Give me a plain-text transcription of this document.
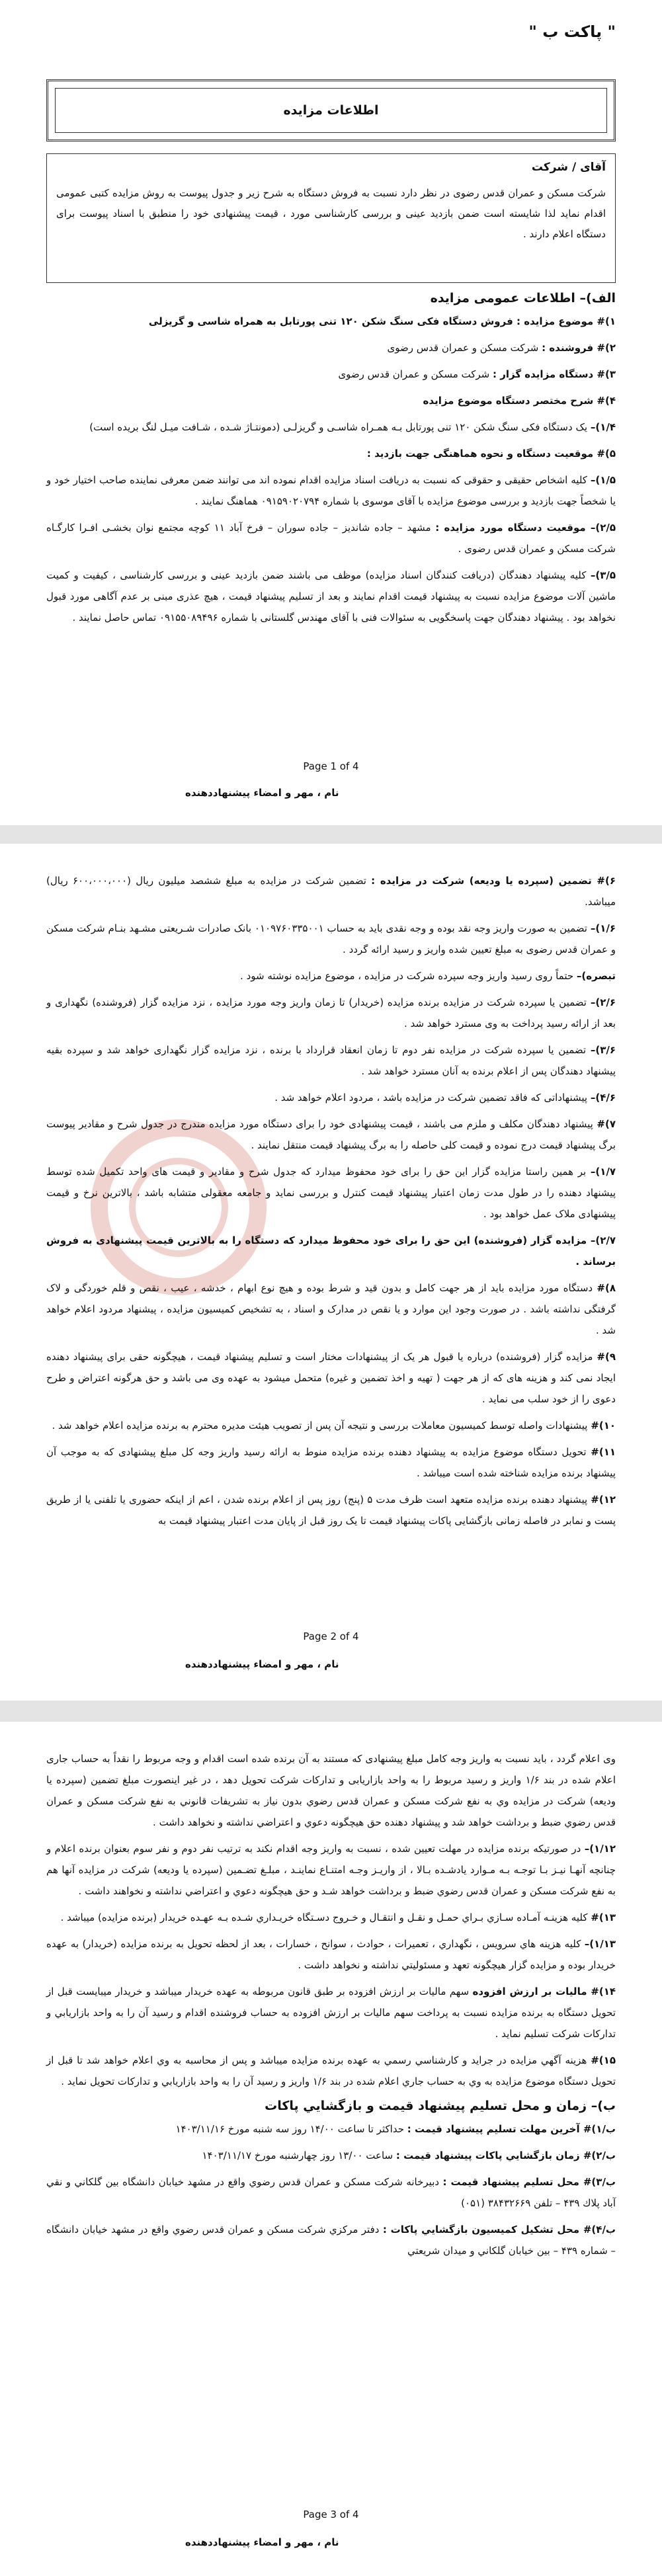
" پاکت ب "
اطلاعات مزایده
آقای / شرکت
شرکت مسکن و عمران قدس رضوی در نظر دارد نسبت به فروش دستگاه به شرح زیر و جدول پیوست به روش مزایده کتبی عمومی اقدام نماید لذا شایسته است ضمن بازدید عینی و بررسی کارشناسی مورد ، قیمت پیشنهادی خود را منطبق با اسناد پیوست برای دستگاه اعلام دارند .
الف)– اطلاعات عمومی مزایده
۱)‌# موضوع مزایده : فروش دستگاه فکی سنگ شکن ۱۲۰ تنی پورتابل به همراه شاسی و گریزلی
۲)# فروشنده : شرکت مسکن و عمران قدس رضوی
۳)# دستگاه مزایده گزار : شرکت مسکن و عمران قدس رضوی
۴)# شرح مختصر دستگاه موضوع مزایده
۱/۴)– یک دستگاه فکی سنگ شکن ۱۲۰ تنی پورتابل بـه همـراه شاسـی و گریزلـی (دمونتـاژ شـده ، شـافت میـل لنگ بریده است)
۵)# موقعیت دستگاه و نحوه هماهنگی جهت بازدید :
۱/۵)– کلیه اشخاص حقیقی و حقوقی که نسبت به دریافت اسناد مزایده اقدام نموده اند می توانند ضمن معرفی نماینده صاحب اختیار خود و یا شخصاً جهت بازدید و بررسی موضوع مزایده با آقای موسوی با شماره ۰۹۱۵۹۰۲۰۷۹۴ هماهنگ نمایند .
۲/۵)– موقعیت دستگاه مورد مزایده : مشهد – جاده شاندیز – جاده سوران – فرخ آباد ۱۱ کوچه مجتمع نوان بخشـی افـرا کارگـاه شرکت مسکن و عمران قدس رضوی .
۳/۵)– کلیه پیشنهاد دهندگان (دریافت کنندگان اسناد مزایده) موظف می باشند ضمن بازدید عینی و بررسی کارشناسی ، کیفیت و کمیت ماشین آلات موضوع مزایده نسبت به پیشنهاد قیمت اقدام نمایند و بعد از تسلیم پیشنهاد قیمت ، هیچ عذری مبنی بر عدم آگاهی مورد قبول نخواهد بود . پیشنهاد دهندگان جهت پاسخگویی به سئوالات فنی با آقای مهندس گلستانی با شماره ۰۹۱۵۵۰۸۹۴۹۶ تماس حاصل نمایند .
Page 1 of 4
نام ، مهر و امضاء پیشنهاددهنده
۶)# تضمین (سپرده یا ودیعه) شرکت در مزایده : تضمین شرکت در مزایده به مبلغ ششصد میلیون ریال (۶۰۰،۰۰۰،۰۰۰ ریال) میباشد.
۱/۶)– تضمین به صورت واریز وجه نقد بوده و وجه نقدی باید به حساب ۰۱۰۹۷۶۰۳۳۵۰۰۱ بانک صادرات شـریعتی مشـهد بنـام شرکت مسکن و عمران قدس رضوی به مبلغ تعیین شده واریز و رسید ارائه گردد .
تبصره)– حتماً روی رسید واریز وجه سپرده شرکت در مزایده ، موضوع مزایده نوشته شود .
۲/۶)– تضمین یا سپرده شرکت در مزایده برنده مزایده (خریدار) تا زمان واریز وجه مورد مزایده ، نزد مزایده گزار (فروشنده) نگهداری و بعد از ارائه رسید پرداخت به وی مسترد خواهد شد .
۳/۶)– تضمین یا سپرده شرکت در مزایده نفر دوم تا زمان انعقاد قرارداد با برنده ، نزد مزایده گزار نگهداری خواهد شد و سپرده بقیه پیشنهاد دهندگان پس از اعلام برنده به آنان مسترد خواهد شد .
۴/۶)– پیشنهاداتی که فاقد تضمین شرکت در مزایده باشد ، مردود اعلام خواهد شد .
۷)# پیشنهاد دهندگان مکلف و ملزم می باشند ، قیمت پیشنهادی خود را برای دستگاه مورد مزایده مندرج در جدول شرح و مقادیر پیوست برگ پیشنهاد قیمت درج نموده و قیمت کلی حاصله را به برگ پیشنهاد قیمت منتقل نمایند .
۱/۷)– بر همین راستا مزایده گزار این حق را برای خود محفوظ میدارد که جدول شرح و مقادیر و قیمت های واحد تکمیل شده توسط پیشنهاد دهنده را در طول مدت زمان اعتبار پیشنهاد قیمت کنترل و بررسی نماید و جامعه معقولی متشابه باشد ، بالاترین نرخ و قیمت پیشنهادی ملاک عمل خواهد بود .
۲/۷)– مزایده گزار (فروشنده) این حق را برای خود محفوظ میدارد که دستگاه را به بالاترین قیمت پیشنهادی به فروش برساند .
۸)# دستگاه مورد مزایده باید از هر جهت کامل و بدون قید و شرط بوده و هیچ نوع ابهام ، خدشه ، عیب ، نقص و قلم خوردگی و لاک گرفتگی نداشته باشد . در صورت وجود این موارد و یا نقص در مدارک و اسناد ، به تشخیص کمیسیون مزایده ، پیشنهاد مردود اعلام خواهد شد .
۹)# مزایده گزار (فروشنده) درباره یا قبول هر یک از پیشنهادات مختار است و تسلیم پیشنهاد قیمت ، هیچگونه حقی برای پیشنهاد دهنده ایجاد نمی کند و هزینه های که از هر جهت ( تهیه و اخذ تضمین و غیره) متحمل میشود به عهده وی می باشد و حق هرگونه اعتراض و طرح دعوی را از خود سلب می نماید .
۱۰)# پیشنهادات واصله توسط کمیسیون معاملات بررسی و نتیجه آن پس از تصویب هیئت مدیره محترم به برنده مزایده اعلام خواهد شد .
۱۱)# تحویل دستگاه موضوع مزایده به پیشنهاد دهنده برنده مزایده منوط به ارائه رسید واریز وجه کل مبلغ پیشنهادی که به موجب آن پیشنهاد برنده مزایده شناخته شده است میباشد .
۱۲)# پیشنهاد دهنده برنده مزایده متعهد است ظرف مدت ۵ (پنج) روز پس از اعلام برنده شدن ، اعم از اینکه حضوری یا تلفنی یا از طریق پست و نمابر در فاصله زمانی بازگشایی پاکات پیشنهاد قیمت تا یک روز قبل از پایان مدت اعتبار پیشنهاد قیمت به
Page 2 of 4
نام ، مهر و امضاء پیشنهاددهنده
وی اعلام گردد ، باید نسبت به واریز وجه کامل مبلغ پیشنهادی که مستند به آن برنده شده است اقدام و وجه مربوط را نقداً به حساب جاری اعلام شده در بند ۱/۶ واریز و رسید مربوط را به واحد بازاریابی و تداركات شركت تحويل دهد ، در غير اينصورت مبلغ تضمين (سپرده يا وديعه) شركت در مزايده وي به نفع شركت مسكن و عمران قدس رضوي بدون نياز به تشريفات قانوني به نفع شركت مسكن و عمران قدس رضوي ضبط و برداشت خواهد شد و پيشنهاد دهنده حق هيچگونه دعوي و اعتراضي نداشته و نخواهد داشت .
۱/۱۲)– در صورتيكه برنده مزايده در مهلت تعيين شده ، نسبت به واريز وجه اقدام نكند به ترتيب نفر دوم و نفر سوم بعنوان برنده اعلام و چنانچه آنهـا نيـز بـا توجـه بـه مـوارد يادشـده بـالا ، از واريـز وجـه امتنـاع نماينـد ، مبلـغ تضـمين (سپرده يا وديعه) شركت در مزايده آنها هم به نفع شركت مسكن و عمران قدس رضوي ضبط و برداشت خواهد شـد و حق هيچگونه دعوي و اعتراضي نداشته و نخواهند داشت .
۱۳)# كليه هزينـه آمـاده سـازي بـراي حمـل و نقـل و انتقـال و خـروج دسـتگاه خريـداري شـده بـه عهـده خريدار (برنده مزايده) ميباشد .
۱/۱۳)– كليه هزينه هاي سرويس ، نگهداري ، تعميرات ، حوادث ، سوانح ، خسارات ، بعد از لحظه تحويل به برنده مزايده (خريدار) به عهده خريدار بوده و مزايده گزار هيچگونه تعهد و مسئوليتي نداشته و نخواهد داشت .
۱۴)# ماليات بر ارزش افزوده سهم ماليات بر ارزش افزوده بر طبق قانون مربوطه به عهده خريدار ميباشد و خريدار ميبايست قبل از تحويل دستگاه به برنده مزايده نسبت به پرداخت سهم ماليات بر ارزش افزوده به حساب فروشنده اقدام و رسيد آن را به واحد بازاريابي و تداركات شركت تسليم نمايد .
۱۵)# هزينه آگهي مزايده در جرايد و كارشناسي رسمي به عهده برنده مزايده ميباشد و پس از محاسبه به وي اعلام خواهد شد تا قبل از تحويل دستگاه موضوع مزايده به وي به حساب جاري اعلام شده در بند ۱/۶ واريز و رسيد آن را به واحد بازاريابي و تداركات تحويل نمايد .
ب)– زمان و محل تسليم پيشنهاد قيمت و بازگشايي پاكات
ب/۱)# آخرين مهلت تسليم پيشنهاد قيمت : حداكثر تا ساعت ۱۴/۰۰ روز سه شنبه مورخ ۱۴۰۳/۱۱/۱۶
ب/۲)# زمان بازگشايي پاكات پيشنهاد قيمت : ساعت ۱۳/۰۰ روز چهارشنبه مورخ ۱۴۰۳/۱۱/۱۷
ب/۳)# محل تسليم پيشنهاد قيمت : دبيرخانه شركت مسكن و عمران قدس رضوي واقع در مشهد خيابان دانشگاه بين گلكاني و نقي آباد پلاك ۴۳۹ – تلفن ۳۸۴۳۲۶۶۹ (۰۵۱)
ب/۴)# محل تشكيل كميسيون بازگشايي پاكات : دفتر مركزي شركت مسكن و عمران قدس رضوي واقع در مشهد خيابان دانشگاه – شماره ۴۳۹ – بين خيابان گلكاني و ميدان شريعتي
Page 3 of 4
نام ، مهر و امضاء پيشنهاددهنده
